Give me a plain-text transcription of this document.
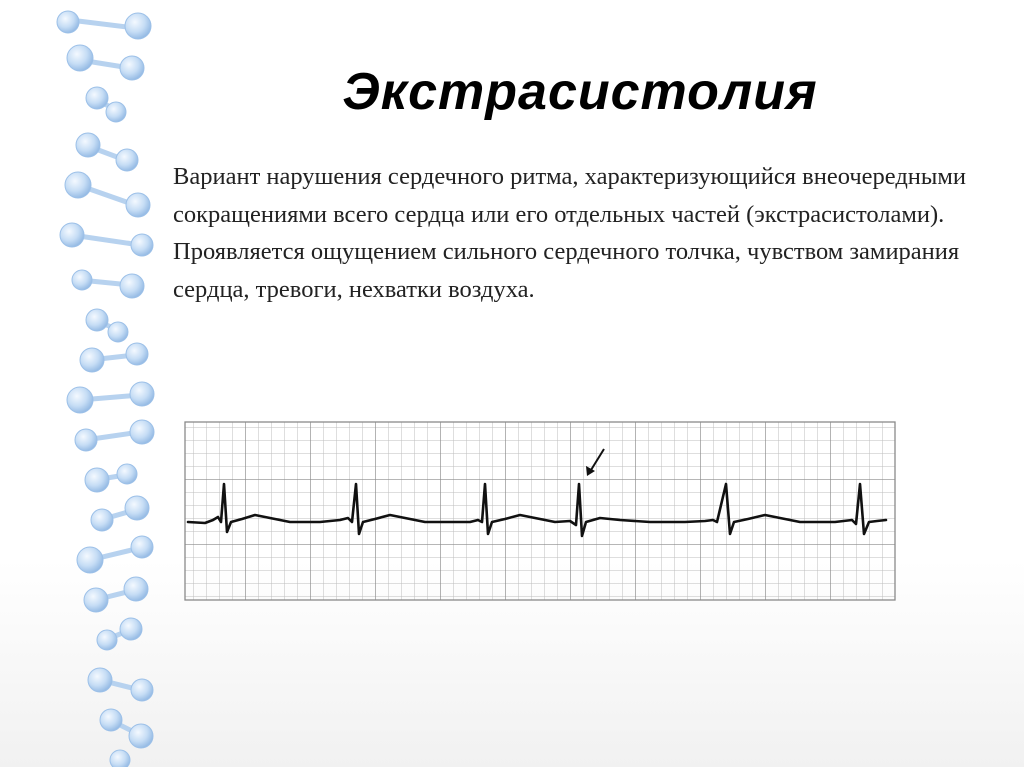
Экстрасистолия

Вариант нарушения сердечного ритма, характеризующийся внеочередными сокращениями всего сердца или его отдельных частей (экстрасистолами). Проявляется ощущением сильного сердечного толчка, чувством замирания сердца, тревоги, нехватки воздуха.
